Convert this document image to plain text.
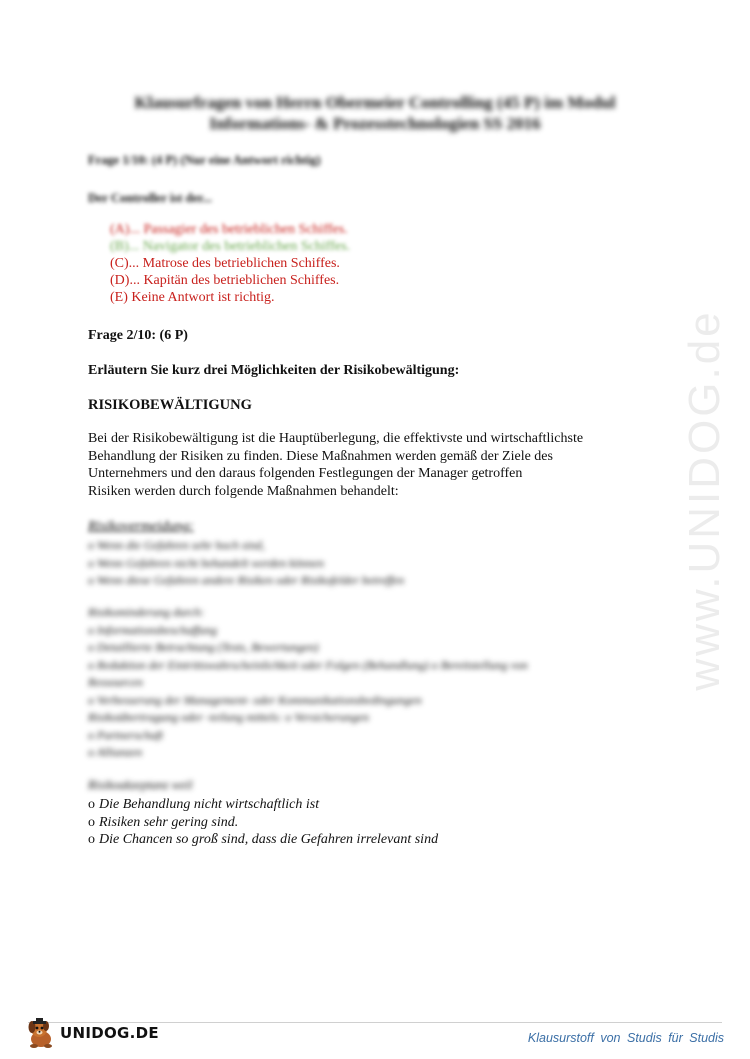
www.UNIDOG.de
Klausurfragen von Herrn Obermeier Controlling (45 P) im Modul
Informations- & Prozesstechnologien SS 2016
Frage 1/10: (4 P) (Nur eine Antwort richtig)
Der Controller ist der...
(A)... Passagier des betrieblichen Schiffes.
(B)... Navigator des betrieblichen Schiffes.
(C)... Matrose des betrieblichen Schiffes.
(D)... Kapitän des betrieblichen Schiffes.
(E) Keine Antwort ist richtig.
Frage 2/10: (6 P)
Erläutern Sie kurz drei Möglichkeiten der Risikobewältigung:
RISIKOBEWÄLTIGUNG
Bei der Risikobewältigung ist die Hauptüberlegung, die effektivste und wirtschaftlichste
Behandlung der Risiken zu finden. Diese Maßnahmen werden gemäß der Ziele des
Unternehmers und den daraus folgenden Festlegungen der Manager getroffen
Risiken werden durch folgende Maßnahmen behandelt:
Risikovermeidung:
o Wenn die Gefahren sehr hoch sind,
o Wenn Gefahren nicht behandelt werden können
o Wenn diese Gefahren andere Risiken oder Risikofelder betreffen
Risikominderung durch:
o Informationsbeschaffung
o Detaillierte Betrachtung (Tests, Bewertungen)
o Reduktion der Eintrittswahrscheinlichkeit oder Folgen (Behandlung) o Bereitstellung von
Ressourcen
o Verbesserung der Management- oder Kommunikationsbedingungen
Risikoübertragung oder -teilung mittels: o Versicherungen
o Partnerschaft
o Allianzen
Risikoakzeptanz weil
o Die Behandlung nicht wirtschaftlich ist
o Risiken sehr gering sind.
o Die Chancen so groß sind, dass die Gefahren irrelevant sind
UNIDOG.DE	Klausurstoff von Studis für Studis
